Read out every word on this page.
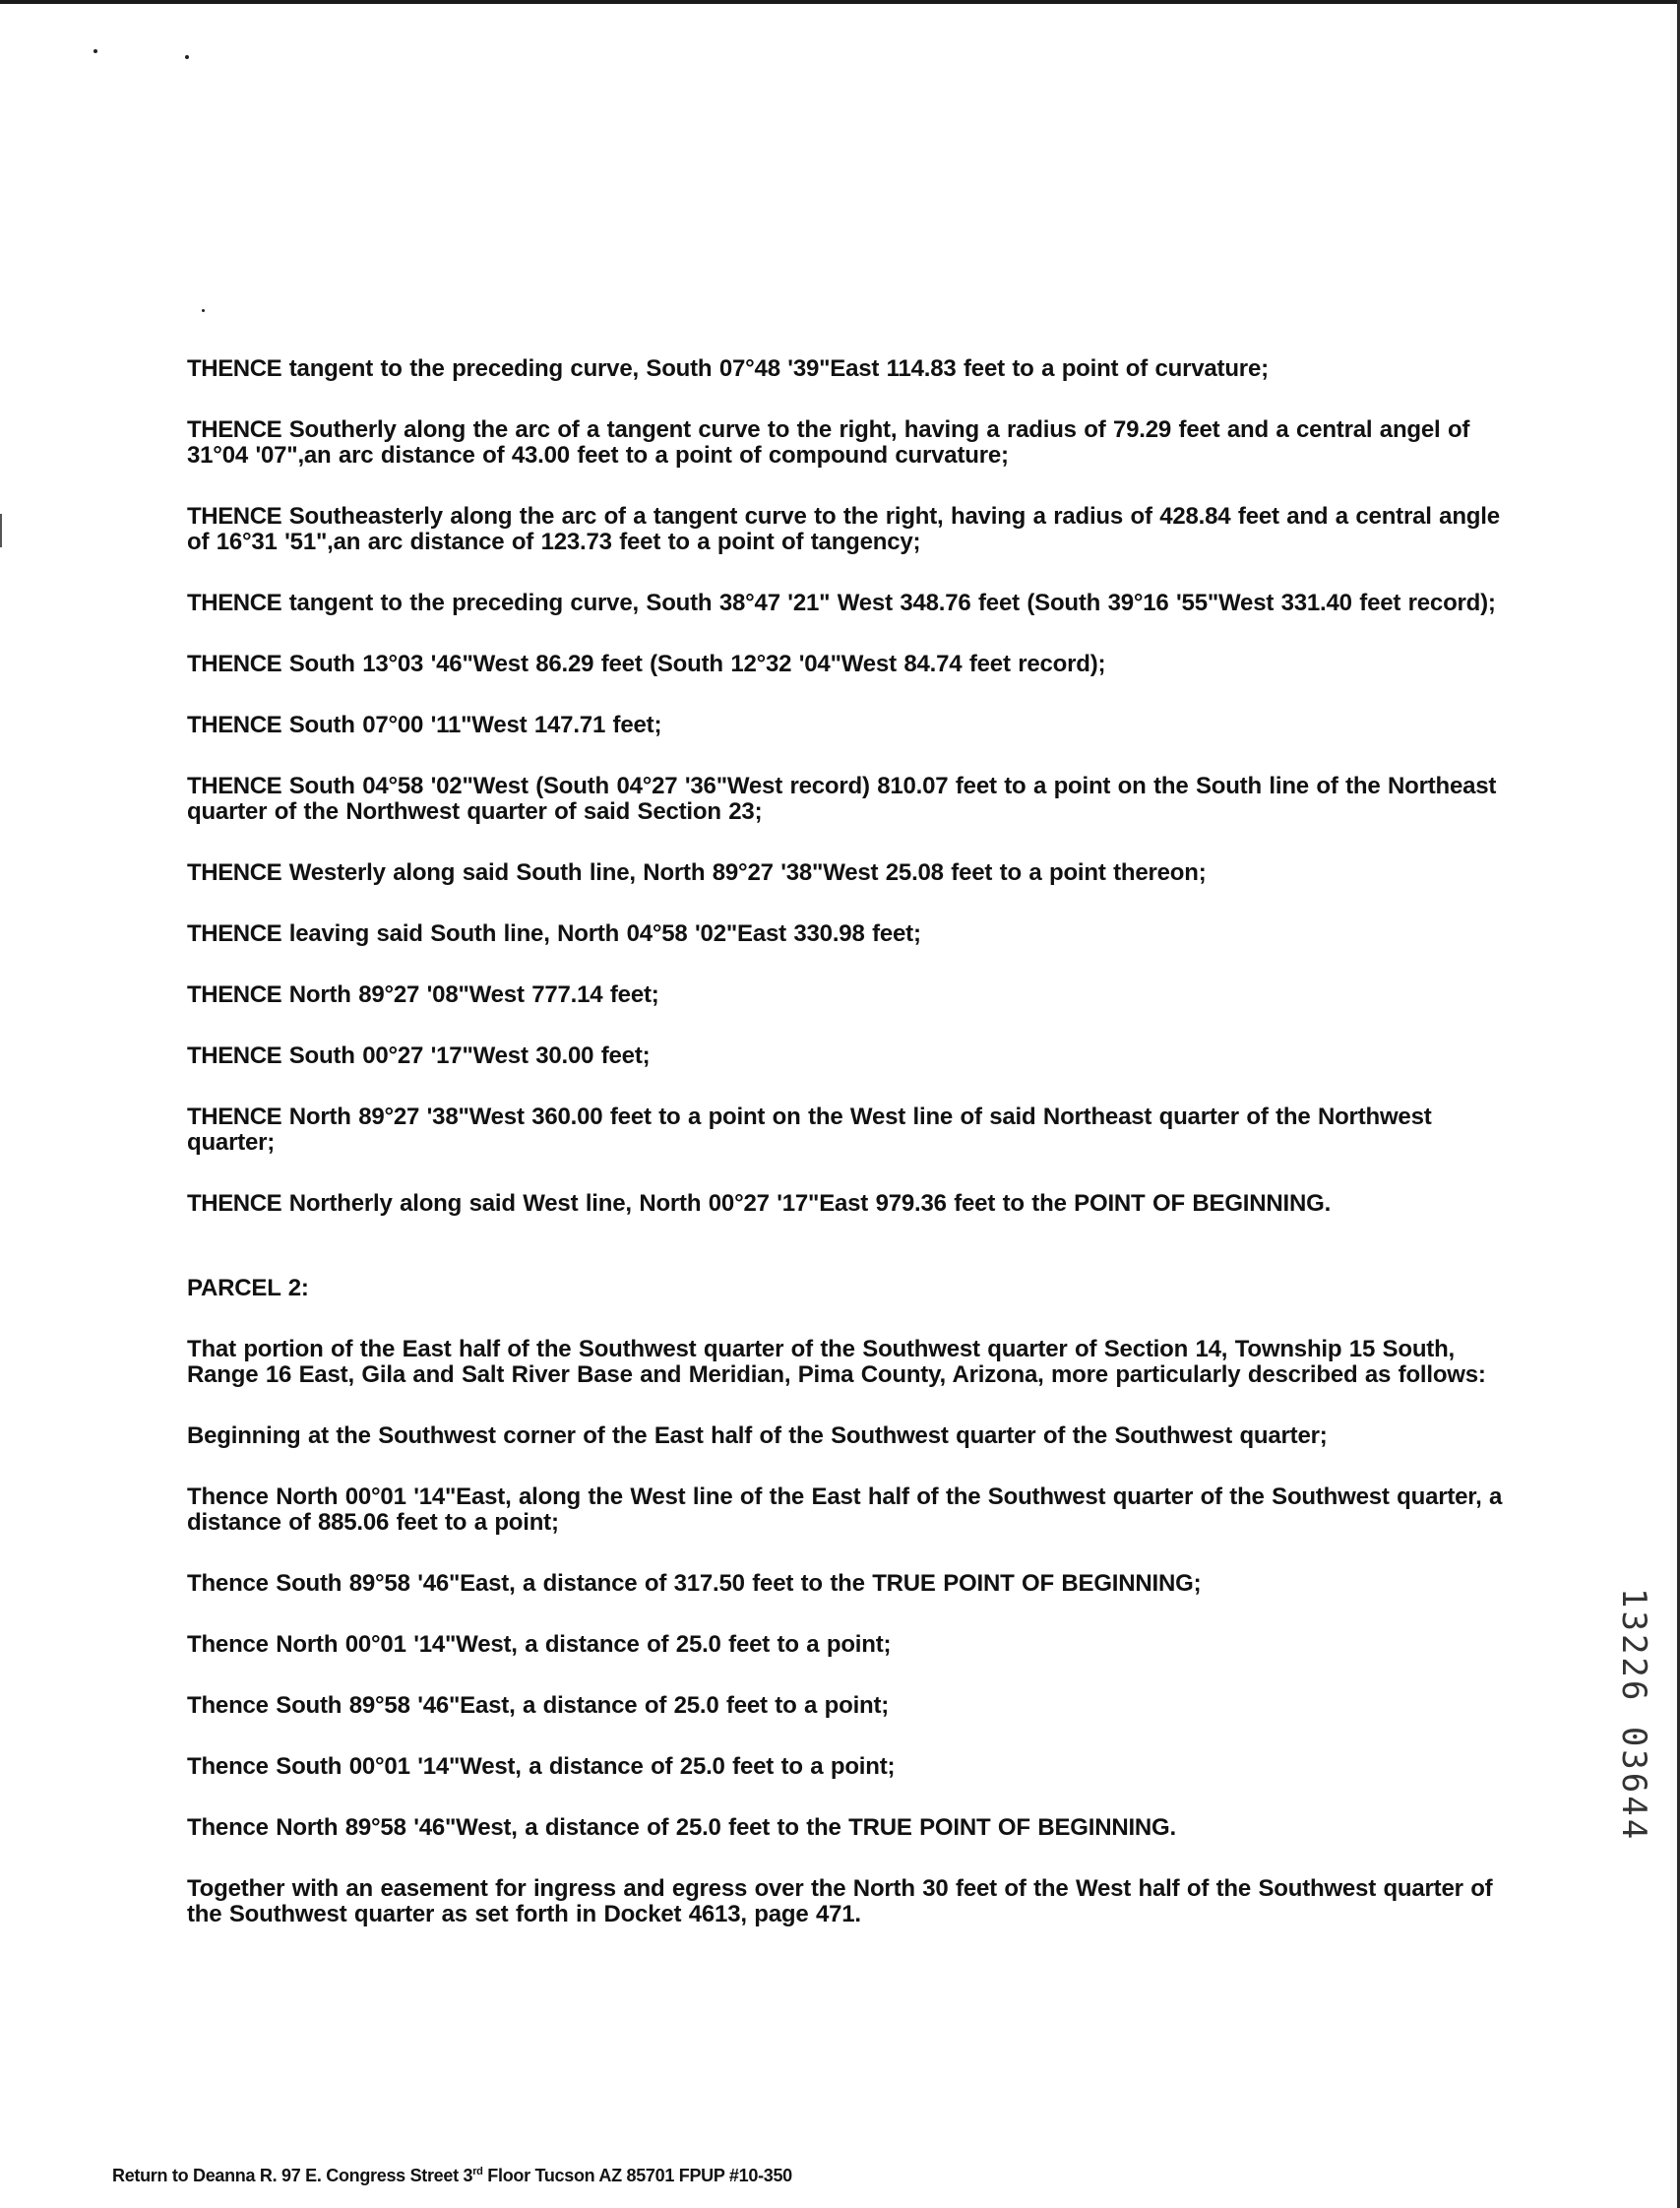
THENCE tangent to the preceding curve, South 07°48 '39"East 114.83 feet to a point of curvature;

THENCE Southerly along the arc of a tangent curve to the right, having a radius of 79.29 feet and a central angel of 31°04 '07",an arc distance of 43.00 feet to a point of compound curvature;

THENCE Southeasterly along the arc of a tangent curve to the right, having a radius of 428.84 feet and a central angle of 16°31 '51",an arc distance of 123.73 feet to a point of tangency;

THENCE tangent to the preceding curve, South 38°47 '21" West 348.76 feet (South 39°16 '55"West 331.40 feet record);

THENCE South 13°03 '46"West 86.29 feet (South 12°32 '04"West 84.74 feet record);

THENCE South 07°00 '11"West 147.71 feet;

THENCE South 04°58 '02"West (South 04°27 '36"West record) 810.07 feet to a point on the South line of the Northeast quarter of the Northwest quarter of said Section 23;

THENCE Westerly along said South line, North 89°27 '38"West 25.08 feet to a point thereon;

THENCE leaving said South line, North 04°58 '02"East 330.98 feet;

THENCE North 89°27 '08"West 777.14 feet;

THENCE South 00°27 '17"West 30.00 feet;

THENCE North 89°27 '38"West 360.00 feet to a point on the West line of said Northeast quarter of the Northwest quarter;

THENCE Northerly along said West line, North 00°27 '17"East 979.36 feet to the POINT OF BEGINNING.

PARCEL 2:

That portion of the East half of the Southwest quarter of the Southwest quarter of Section 14, Township 15 South, Range 16 East, Gila and Salt River Base and Meridian, Pima County, Arizona, more particularly described as follows:

Beginning at the Southwest corner of the East half of the Southwest quarter of the Southwest quarter;

Thence North 00°01 '14"East, along the West line of the East half of the Southwest quarter of the Southwest quarter, a distance of 885.06 feet to a point;

Thence South 89°58 '46"East, a distance of 317.50 feet to the TRUE POINT OF BEGINNING;

Thence North 00°01 '14"West, a distance of 25.0 feet to a point;

Thence South 89°58 '46"East, a distance of 25.0 feet to a point;

Thence South 00°01 '14"West, a distance of 25.0 feet to a point;

Thence North 89°58 '46"West, a distance of 25.0 feet to the TRUE POINT OF BEGINNING.

Together with an easement for ingress and egress over the North 30 feet of the West half of the Southwest quarter of the Southwest quarter as set forth in Docket 4613, page 471.

13226 03644
Return to Deanna R. 97 E. Congress Street 3rd Floor Tucson AZ 85701 FPUP #10-350
